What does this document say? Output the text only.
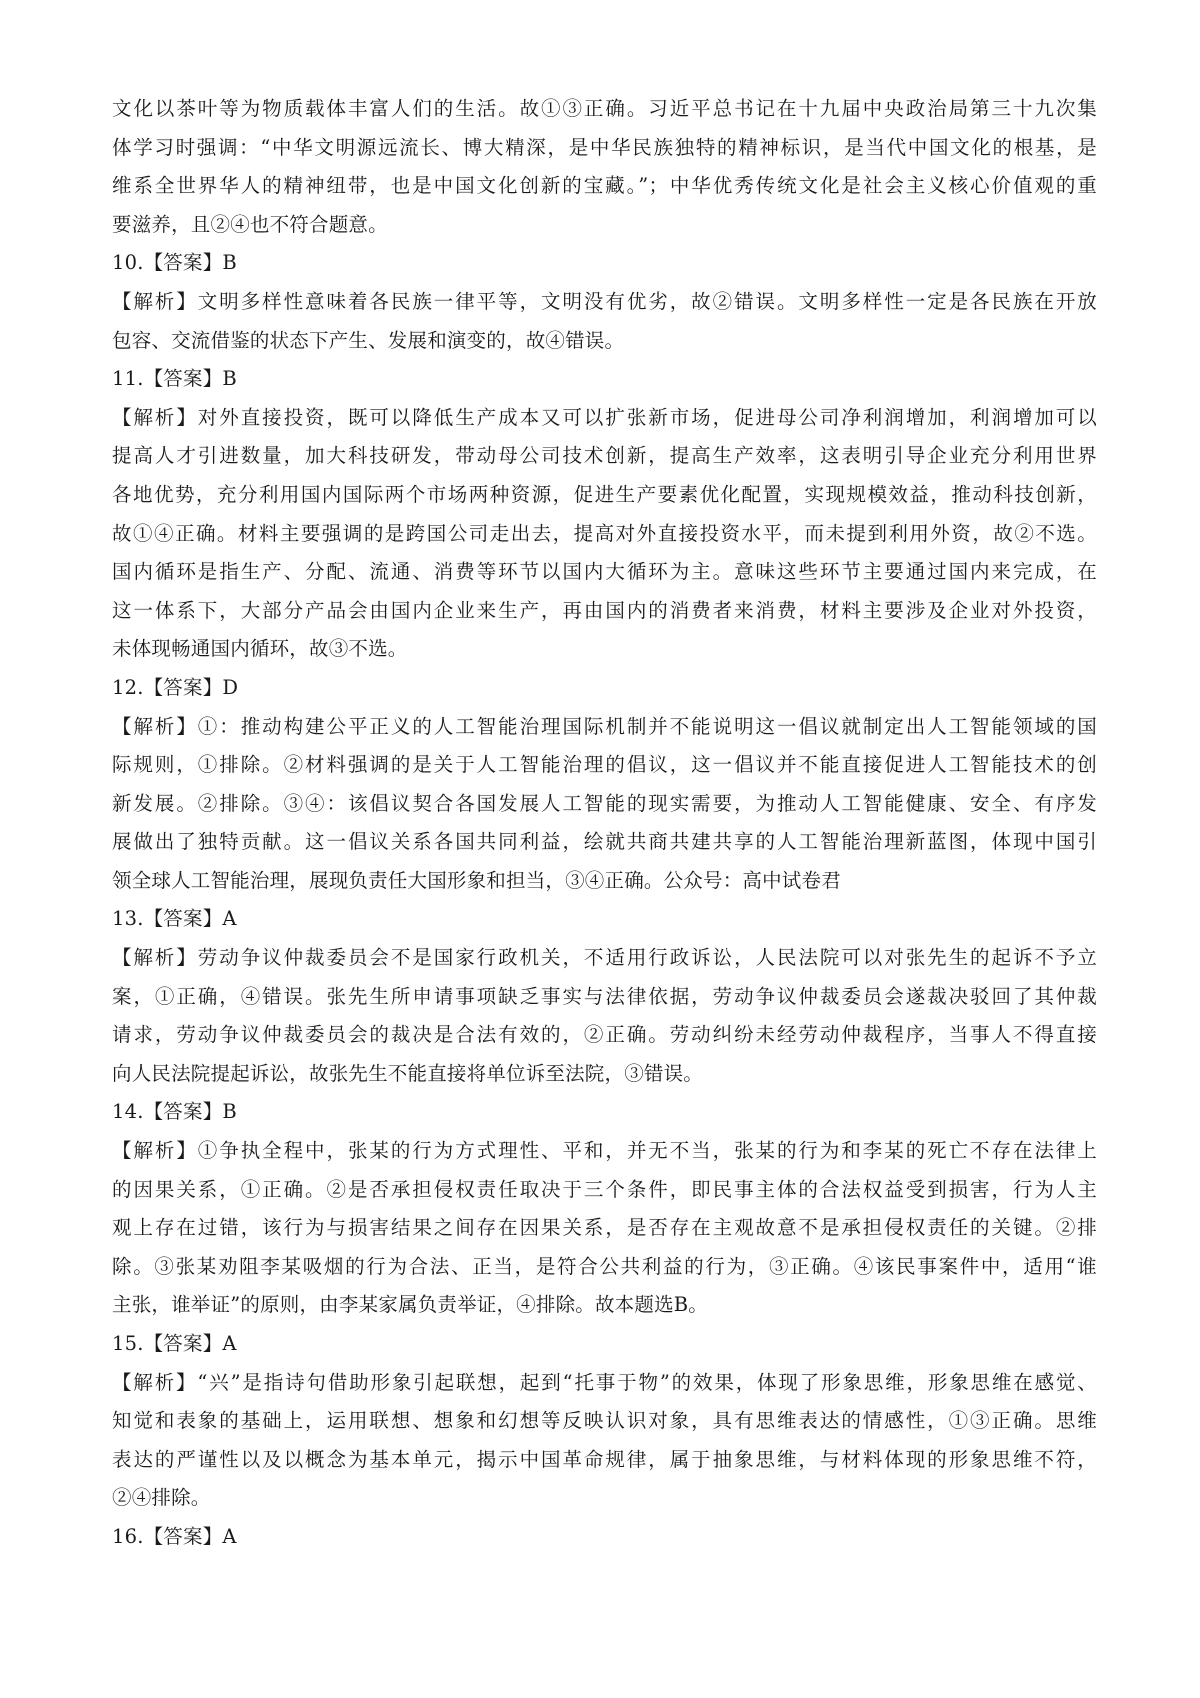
文化以茶叶等为物质载体丰富人们的生活。故①③正确。习近平总书记在十九届中央政治局第三十九次集
体学习时强调：“中华文明源远流长、博大精深，是中华民族独特的精神标识，是当代中国文化的根基，是
维系全世界华人的精神纽带，也是中国文化创新的宝藏。”；中华优秀传统文化是社会主义核心价值观的重
要滋养，且②④也不符合题意。
10.【答案】B
【解析】文明多样性意味着各民族一律平等，文明没有优劣，故②错误。文明多样性一定是各民族在开放
包容、交流借鉴的状态下产生、发展和演变的，故④错误。
11.【答案】B
【解析】对外直接投资，既可以降低生产成本又可以扩张新市场，促进母公司净利润增加，利润增加可以
提高人才引进数量，加大科技研发，带动母公司技术创新，提高生产效率，这表明引导企业充分利用世界
各地优势，充分利用国内国际两个市场两种资源，促进生产要素优化配置，实现规模效益，推动科技创新，
故①④正确。材料主要强调的是跨国公司走出去，提高对外直接投资水平，而未提到利用外资，故②不选。
国内循环是指生产、分配、流通、消费等环节以国内大循环为主。意味这些环节主要通过国内来完成，在
这一体系下，大部分产品会由国内企业来生产，再由国内的消费者来消费，材料主要涉及企业对外投资，
未体现畅通国内循环，故③不选。
12.【答案】D
【解析】①：推动构建公平正义的人工智能治理国际机制并不能说明这一倡议就制定出人工智能领域的国
际规则，①排除。②材料强调的是关于人工智能治理的倡议，这一倡议并不能直接促进人工智能技术的创
新发展。②排除。③④：该倡议契合各国发展人工智能的现实需要，为推动人工智能健康、安全、有序发
展做出了独特贡献。这一倡议关系各国共同利益，绘就共商共建共享的人工智能治理新蓝图，体现中国引
领全球人工智能治理，展现负责任大国形象和担当，③④正确。公众号：高中试卷君
13.【答案】A
【解析】劳动争议仲裁委员会不是国家行政机关，不适用行政诉讼，人民法院可以对张先生的起诉不予立
案，①正确，④错误。张先生所申请事项缺乏事实与法律依据，劳动争议仲裁委员会遂裁决驳回了其仲裁
请求，劳动争议仲裁委员会的裁决是合法有效的，②正确。劳动纠纷未经劳动仲裁程序，当事人不得直接
向人民法院提起诉讼，故张先生不能直接将单位诉至法院，③错误。
14.【答案】B
【解析】①争执全程中，张某的行为方式理性、平和，并无不当，张某的行为和李某的死亡不存在法律上
的因果关系，①正确。②是否承担侵权责任取决于三个条件，即民事主体的合法权益受到损害，行为人主
观上存在过错，该行为与损害结果之间存在因果关系，是否存在主观故意不是承担侵权责任的关键。②排
除。③张某劝阻李某吸烟的行为合法、正当，是符合公共利益的行为，③正确。④该民事案件中，适用“谁
主张，谁举证”的原则，由李某家属负责举证，④排除。故本题选B。
15.【答案】A
【解析】“兴”是指诗句借助形象引起联想，起到“托事于物”的效果，体现了形象思维，形象思维在感觉、
知觉和表象的基础上，运用联想、想象和幻想等反映认识对象，具有思维表达的情感性，①③正确。思维
表达的严谨性以及以概念为基本单元，揭示中国革命规律，属于抽象思维，与材料体现的形象思维不符，
②④排除。
16.【答案】A
